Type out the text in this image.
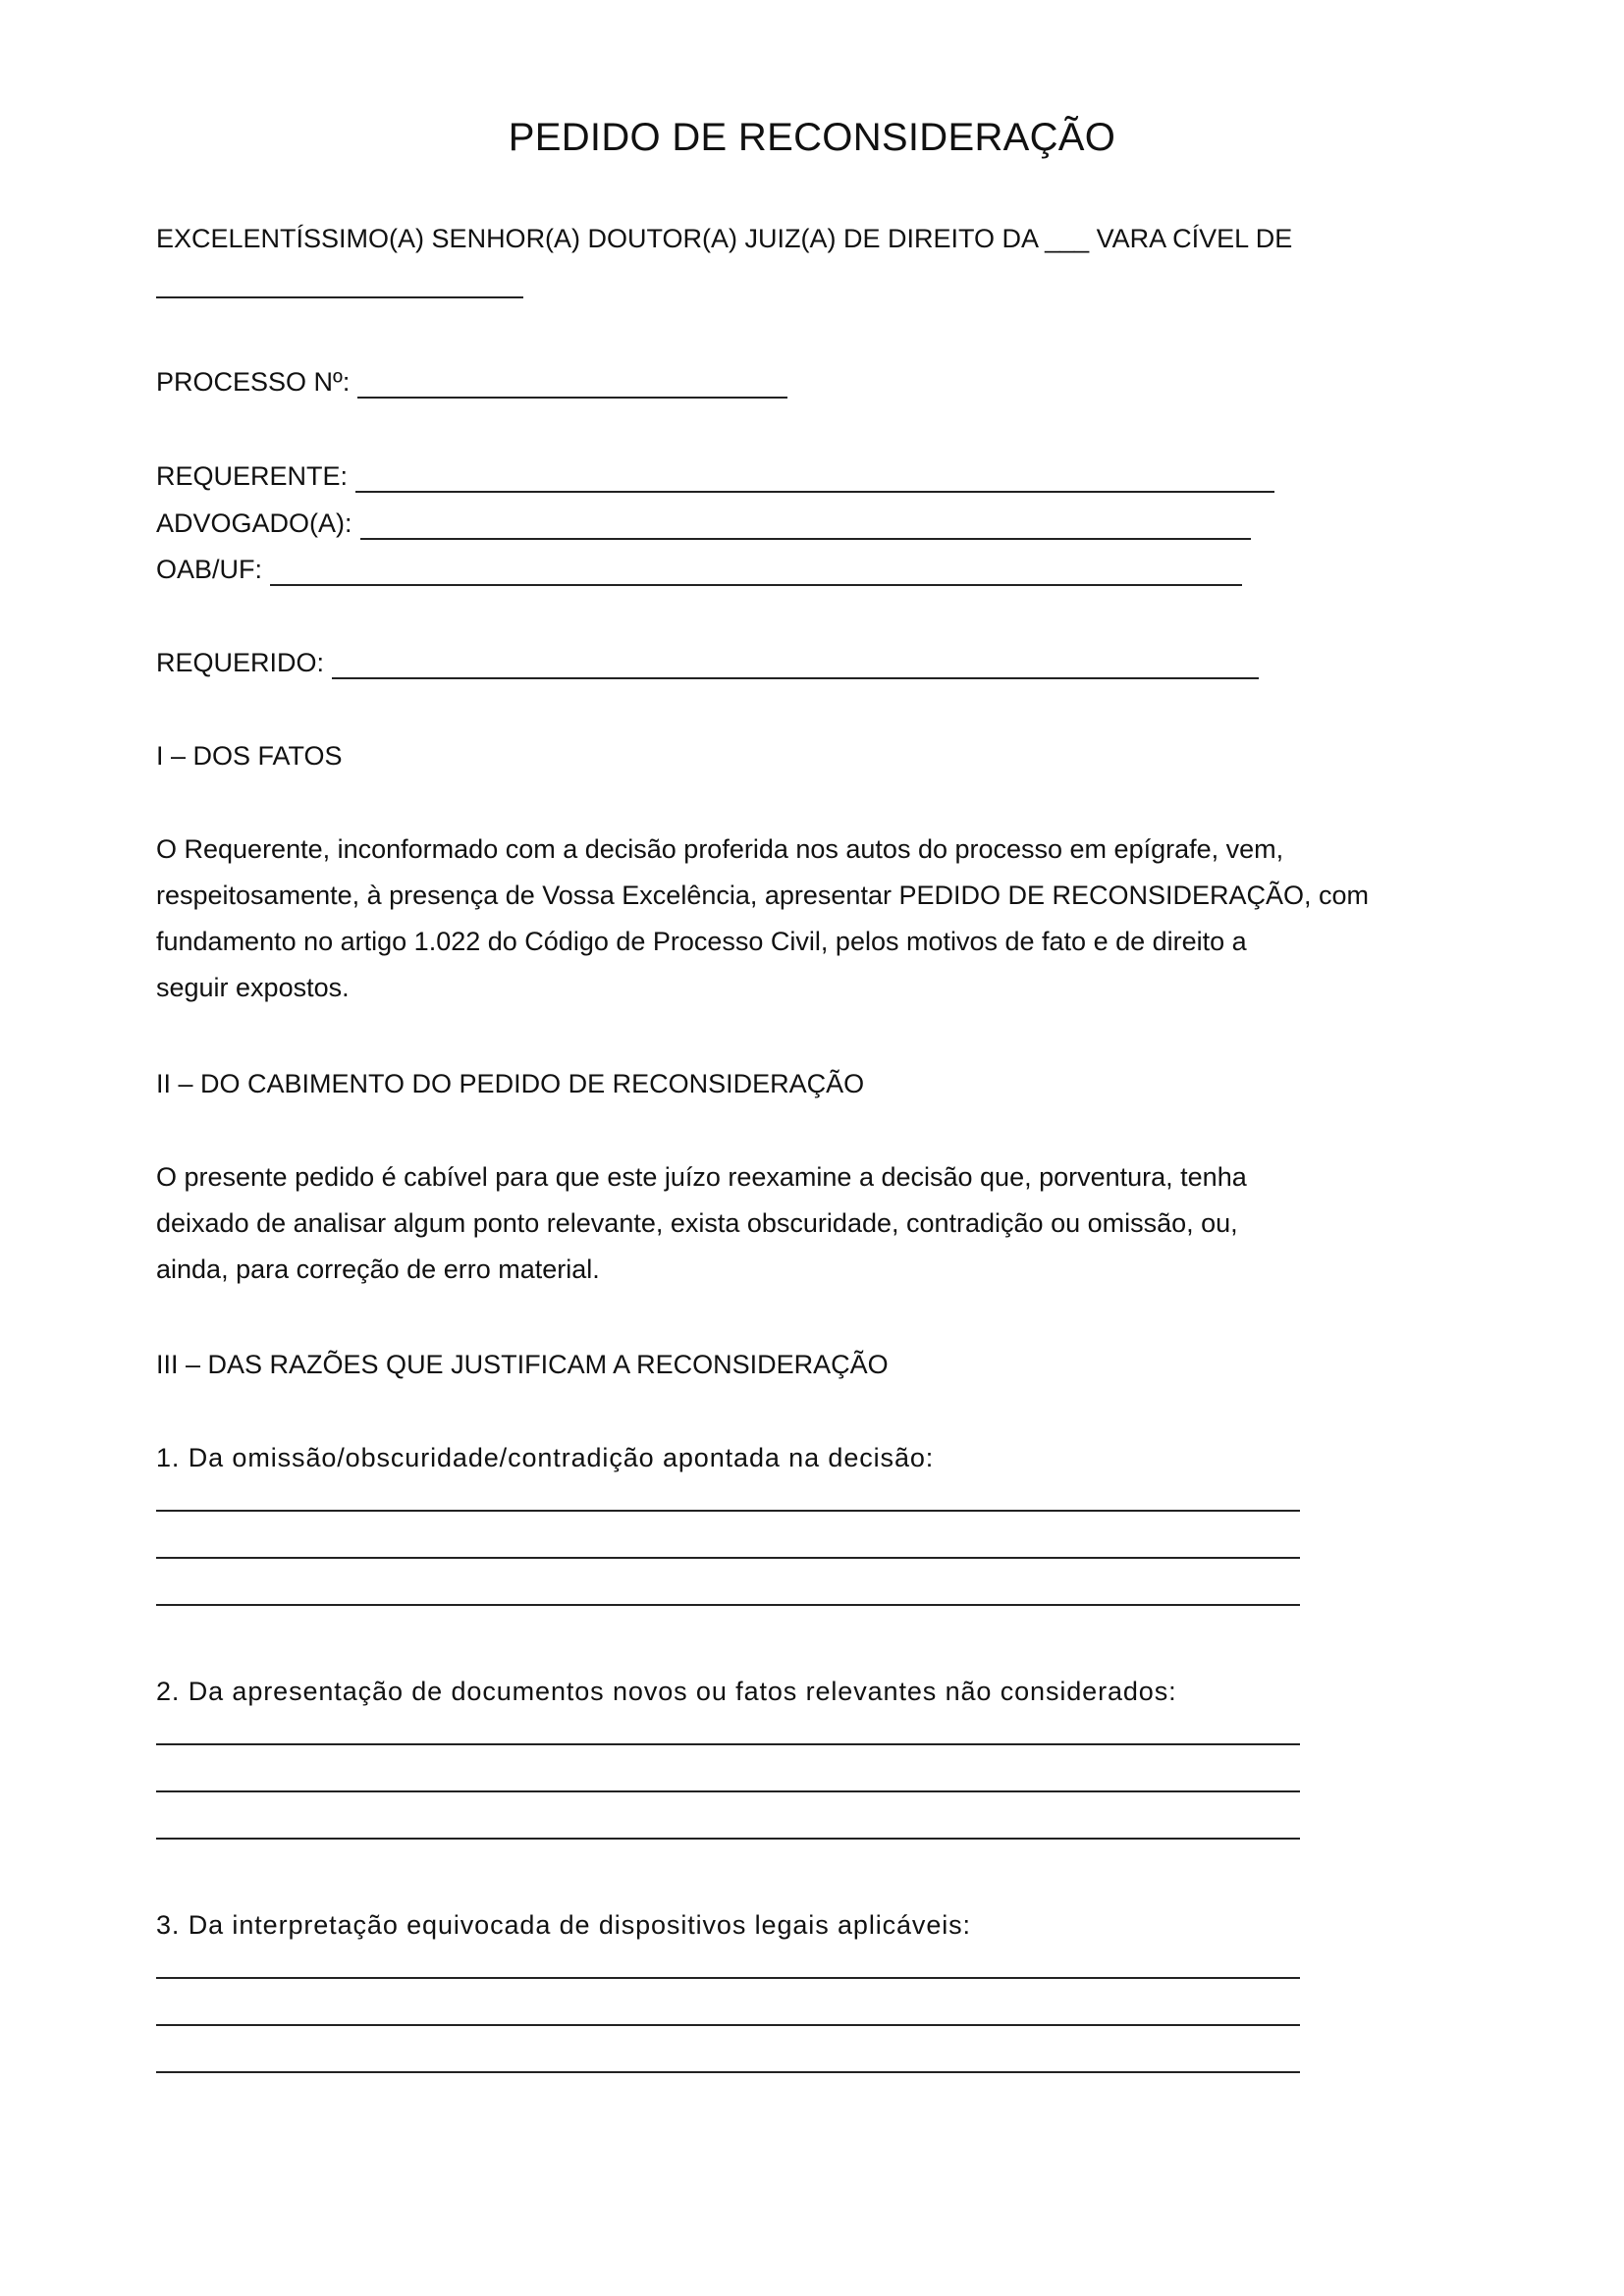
PEDIDO DE RECONSIDERAÇÃO
EXCELENTÍSSIMO(A) SENHOR(A) DOUTOR(A) JUIZ(A) DE DIREITO DA ___ VARA CÍVEL DE
PROCESSO Nº:
REQUERENTE:
ADVOGADO(A):
OAB/UF:
REQUERIDO:
I – DOS FATOS
O Requerente, inconformado com a decisão proferida nos autos do processo em epígrafe, vem,
respeitosamente, à presença de Vossa Excelência, apresentar PEDIDO DE RECONSIDERAÇÃO, com
fundamento no artigo 1.022 do Código de Processo Civil, pelos motivos de fato e de direito a
seguir expostos.
II – DO CABIMENTO DO PEDIDO DE RECONSIDERAÇÃO
O presente pedido é cabível para que este juízo reexamine a decisão que, porventura, tenha
deixado de analisar algum ponto relevante, exista obscuridade, contradição ou omissão, ou,
ainda, para correção de erro material.
III – DAS RAZÕES QUE JUSTIFICAM A RECONSIDERAÇÃO
1. Da omissão/obscuridade/contradição apontada na decisão:
2. Da apresentação de documentos novos ou fatos relevantes não considerados:
3. Da interpretação equivocada de dispositivos legais aplicáveis:
